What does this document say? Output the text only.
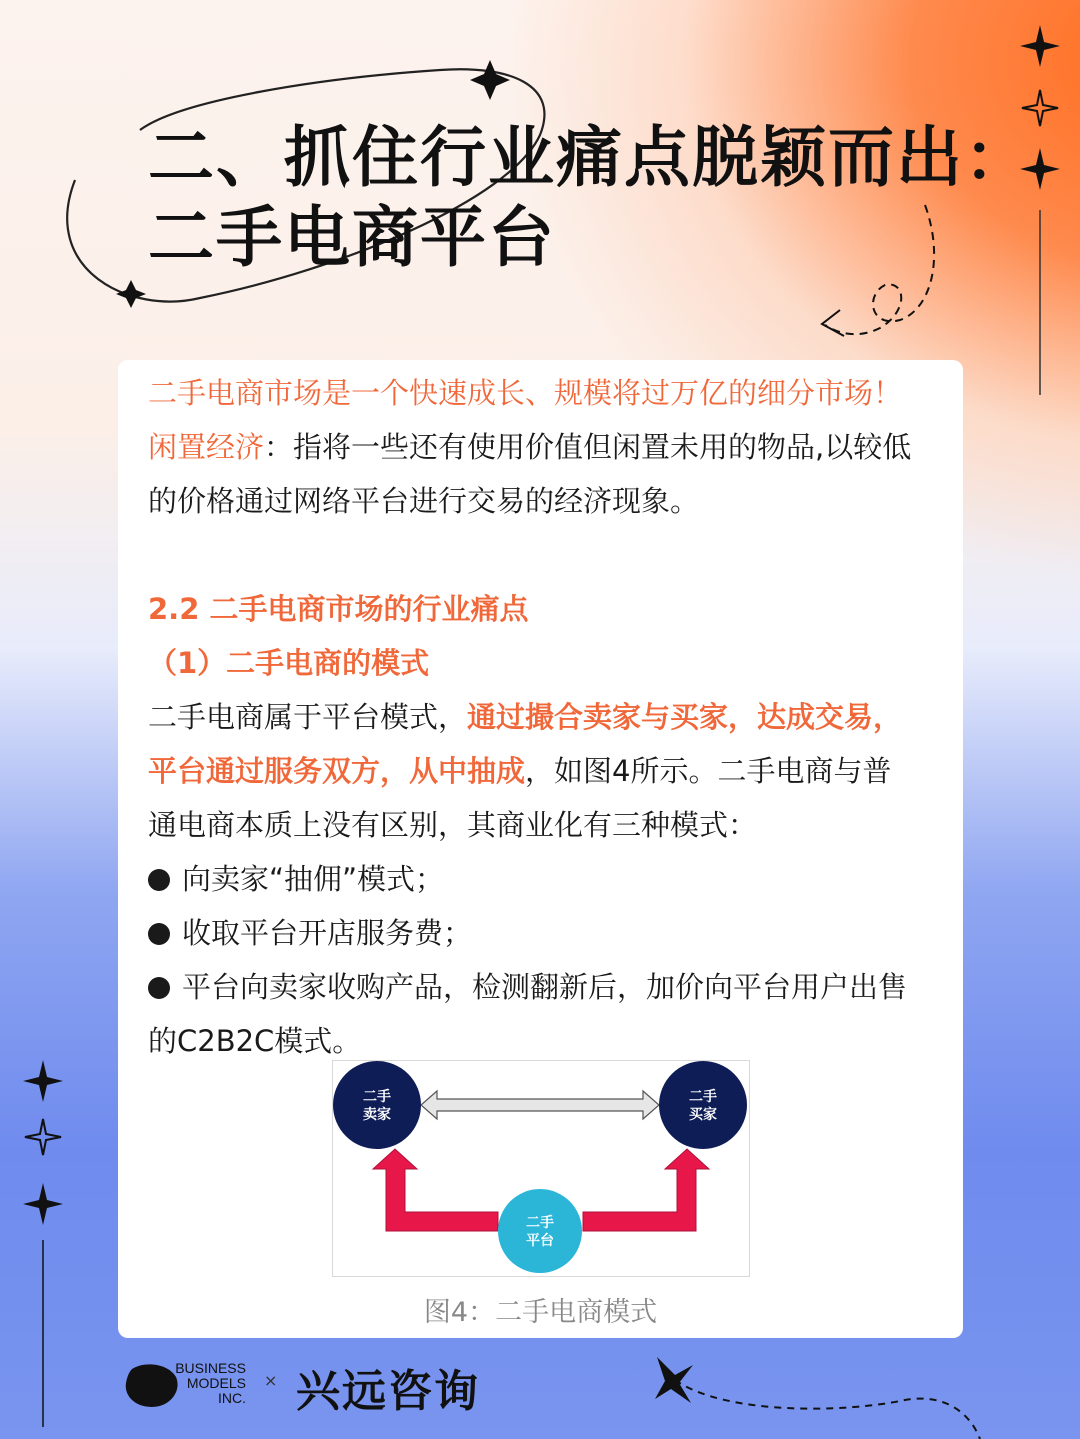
二、抓住行业痛点脱颖而出：
二手电商平台

二手电商市场是一个快速成长、规模将过万亿的细分市场！

闲置经济：指将一些还有使用价值但闲置未用的物品,以较低

的价格通过网络平台进行交易的经济现象。

2.2 二手电商市场的行业痛点

（1）二手电商的模式

二手电商属于平台模式，通过撮合卖家与买家，达成交易，

平台通过服务双方，从中抽成，如图4所示。二手电商与普

通电商本质上没有区别，其商业化有三种模式：

向卖家“抽佣”模式；

收取平台开店服务费；

平台向卖家收购产品，检测翻新后，加价向平台用户出售

的C2B2C模式。

二手
卖家
二手
买家
二手
平台
图4：二手电商模式
BUSINESS
MODELS
INC.
× 兴远咨询
